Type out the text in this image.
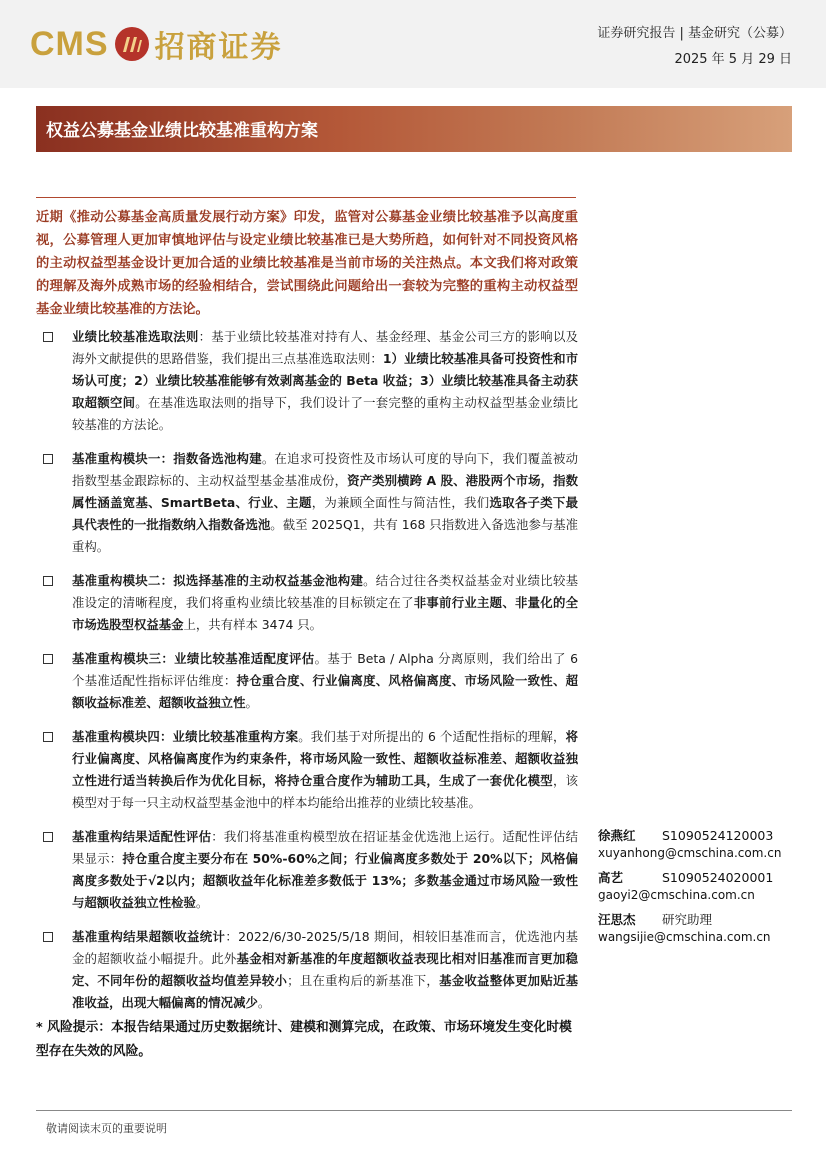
CMS 招商证券	证券研究报告 | 基金研究（公募）
2025 年 5 月 29 日
权益公募基金业绩比较基准重构方案
近期《推动公募基金高质量发展行动方案》印发，监管对公募基金业绩比较基准予以高度重视，公募管理人更加审慎地评估与设定业绩比较基准已是大势所趋，如何针对不同投资风格的主动权益型基金设计更加合适的业绩比较基准是当前市场的关注热点。本文我们将对政策的理解及海外成熟市场的经验相结合，尝试围绕此问题给出一套较为完整的重构主动权益型基金业绩比较基准的方法论。
业绩比较基准选取法则：基于业绩比较基准对持有人、基金经理、基金公司三方的影响以及海外文献提供的思路借鉴，我们提出三点基准选取法则：1）业绩比较基准具备可投资性和市场认可度；2）业绩比较基准能够有效剥离基金的 Beta 收益；3）业绩比较基准具备主动获取超额空间。在基准选取法则的指导下，我们设计了一套完整的重构主动权益型基金业绩比较基准的方法论。
基准重构模块一：指数备选池构建。在追求可投资性及市场认可度的导向下，我们覆盖被动指数型基金跟踪标的、主动权益型基金基准成份，资产类别横跨 A 股、港股两个市场，指数属性涵盖宽基、SmartBeta、行业、主题，为兼顾全面性与简洁性，我们选取各子类下最具代表性的一批指数纳入指数备选池。截至 2025Q1，共有 168 只指数进入备选池参与基准重构。
基准重构模块二：拟选择基准的主动权益基金池构建。结合过往各类权益基金对业绩比较基准设定的清晰程度，我们将重构业绩比较基准的目标锁定在了非事前行业主题、非量化的全市场选股型权益基金上，共有样本 3474 只。
基准重构模块三：业绩比较基准适配度评估。基于 Beta / Alpha 分离原则，我们给出了 6 个基准适配性指标评估维度：持仓重合度、行业偏离度、风格偏离度、市场风险一致性、超额收益标准差、超额收益独立性。
基准重构模块四：业绩比较基准重构方案。我们基于对所提出的 6 个适配性指标的理解，将行业偏离度、风格偏离度作为约束条件，将市场风险一致性、超额收益标准差、超额收益独立性进行适当转换后作为优化目标，将持仓重合度作为辅助工具，生成了一套优化模型，该模型对于每一只主动权益型基金池中的样本均能给出推荐的业绩比较基准。
基准重构结果适配性评估：我们将基准重构模型放在招证基金优选池上运行。适配性评估结果显示：持仓重合度主要分布在 50%-60%之间；行业偏离度多数处于 20%以下；风格偏离度多数处于√2以内；超额收益年化标准差多数低于 13%；多数基金通过市场风险一致性与超额收益独立性检验。
基准重构结果超额收益统计：2022/6/30-2025/5/18 期间，相较旧基准而言，优选池内基金的超额收益小幅提升。此外基金相对新基准的年度超额收益表现比相对旧基准而言更加稳定、不同年份的超额收益均值差异较小；且在重构后的新基准下，基金收益整体更加贴近基准收益，出现大幅偏离的情况减少。
* 风险提示：本报告结果通过历史数据统计、建模和测算完成，在政策、市场环境发生变化时模型存在失效的风险。
徐燕红	S1090524120003
xuyanhong@cmschina.com.cn
高艺	S1090524020001
gaoyi2@cmschina.com.cn
汪思杰	研究助理
wangsijie@cmschina.com.cn
敬请阅读末页的重要说明
